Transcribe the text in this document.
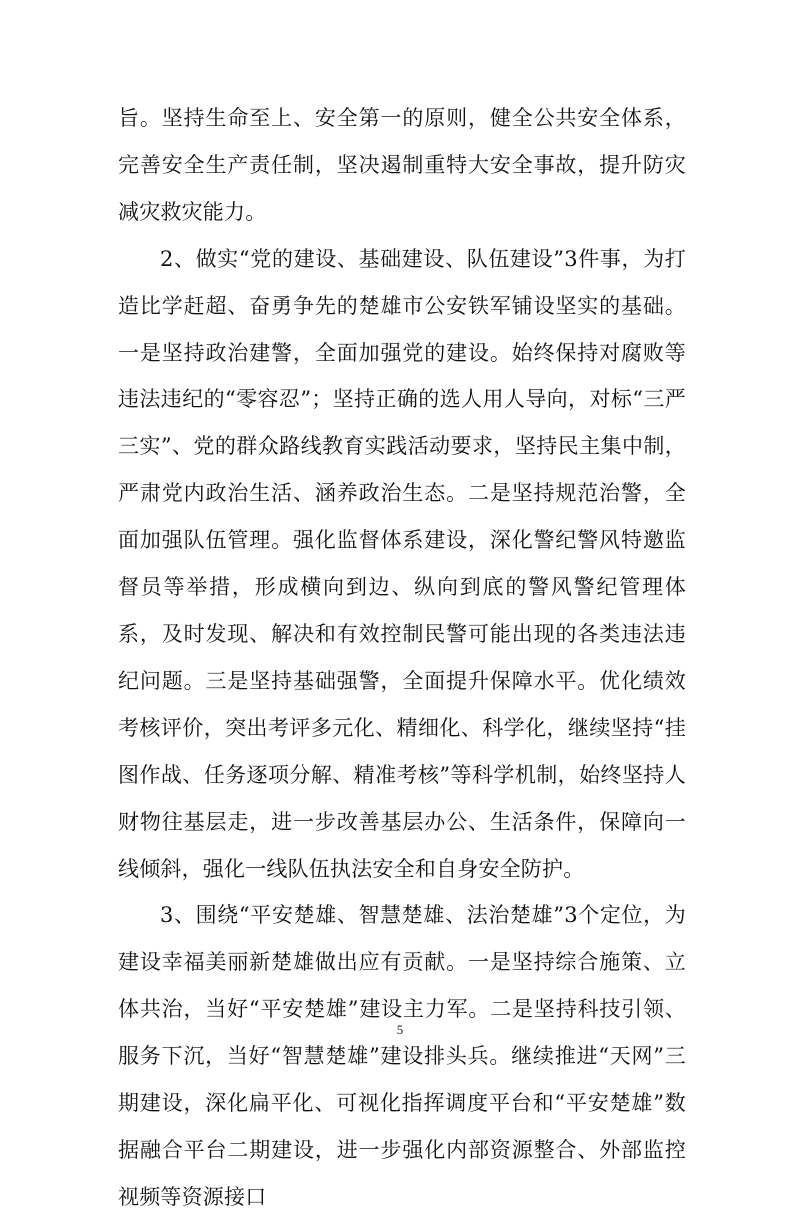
旨。坚持生命至上、安全第一的原则，健全公共安全体系，完善安全生产责任制，坚决遏制重特大安全事故，提升防灾减灾救灾能力。

2、做实“党的建设、基础建设、队伍建设”3件事，为打造比学赶超、奋勇争先的楚雄市公安铁军铺设坚实的基础。一是坚持政治建警，全面加强党的建设。始终保持对腐败等违法违纪的“零容忍”；坚持正确的选人用人导向，对标“三严三实”、党的群众路线教育实践活动要求，坚持民主集中制，严肃党内政治生活、涵养政治生态。二是坚持规范治警，全面加强队伍管理。强化监督体系建设，深化警纪警风特邀监督员等举措，形成横向到边、纵向到底的警风警纪管理体系，及时发现、解决和有效控制民警可能出现的各类违法违纪问题。三是坚持基础强警，全面提升保障水平。优化绩效考核评价，突出考评多元化、精细化、科学化，继续坚持“挂图作战、任务逐项分解、精准考核”等科学机制，始终坚持人财物往基层走，进一步改善基层办公、生活条件，保障向一线倾斜，强化一线队伍执法安全和自身安全防护。

3、围绕“平安楚雄、智慧楚雄、法治楚雄”3个定位，为建设幸福美丽新楚雄做出应有贡献。一是坚持综合施策、立体共治，当好“平安楚雄”建设主力军。二是坚持科技引领、服务下沉，当好“智慧楚雄”建设排头兵。继续推进“天网”三期建设，深化扁平化、可视化指挥调度平台和“平安楚雄”数据融合平台二期建设，进一步强化内部资源整合、外部监控视频等资源接口

5
